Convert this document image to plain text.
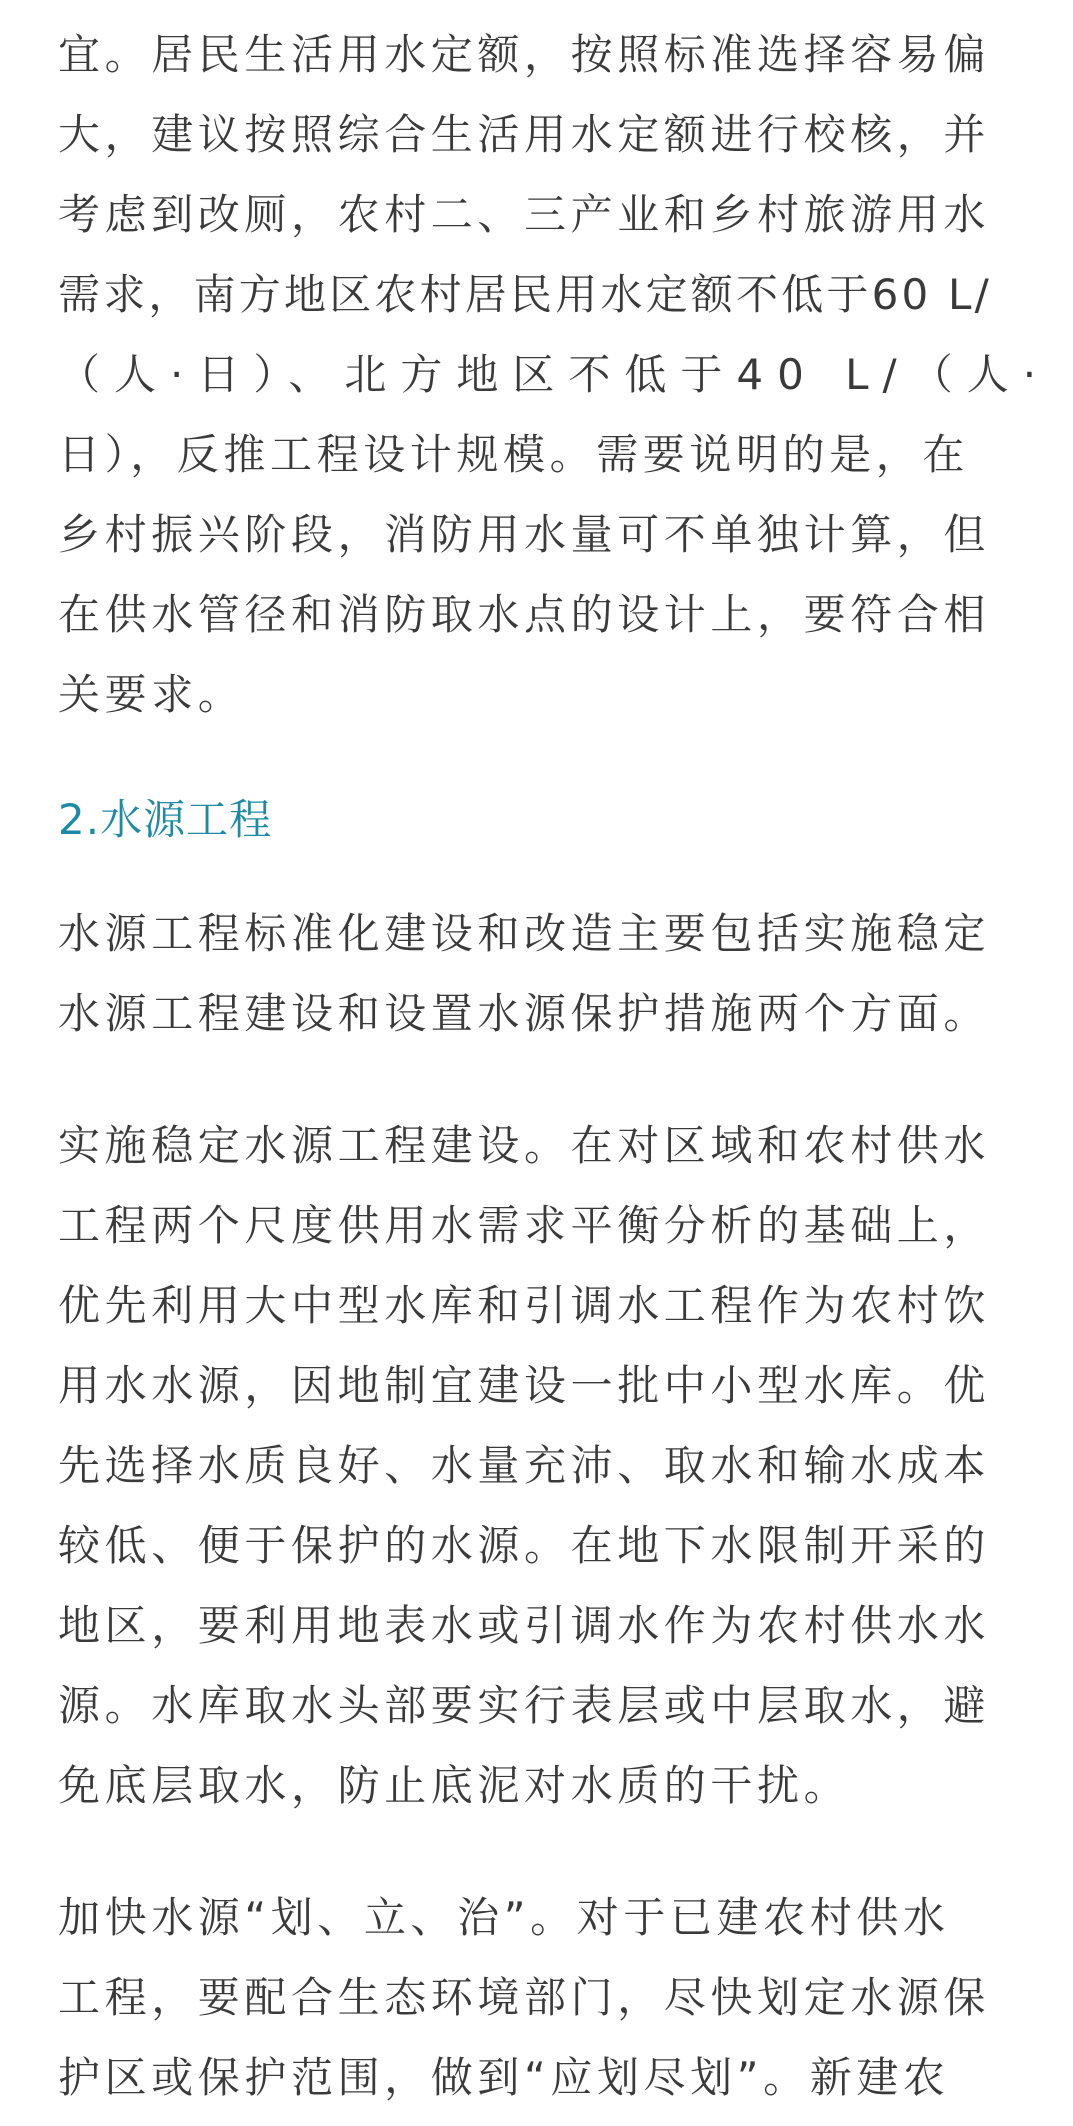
宜。居民生活用水定额，按照标准选择容易偏
大，建议按照综合生活用水定额进行校核，并
考虑到改厕，农村二、三产业和乡村旅游用水
需求，南方地区农村居民用水定额不低于60 L/
（人·日）、北方地区不低于40 L/（人·
日），反推工程设计规模。需要说明的是，在
乡村振兴阶段，消防用水量可不单独计算，但
在供水管径和消防取水点的设计上，要符合相
关要求。
2.水源工程
水源工程标准化建设和改造主要包括实施稳定
水源工程建设和设置水源保护措施两个方面。
实施稳定水源工程建设。在对区域和农村供水
工程两个尺度供用水需求平衡分析的基础上，
优先利用大中型水库和引调水工程作为农村饮
用水水源，因地制宜建设一批中小型水库。优
先选择水质良好、水量充沛、取水和输水成本
较低、便于保护的水源。在地下水限制开采的
地区，要利用地表水或引调水作为农村供水水
源。水库取水头部要实行表层或中层取水，避
免底层取水，防止底泥对水质的干扰。
加快水源“划、立、治”。对于已建农村供水
工程，要配合生态环境部门，尽快划定水源保
护区或保护范围，做到“应划尽划”。新建农
